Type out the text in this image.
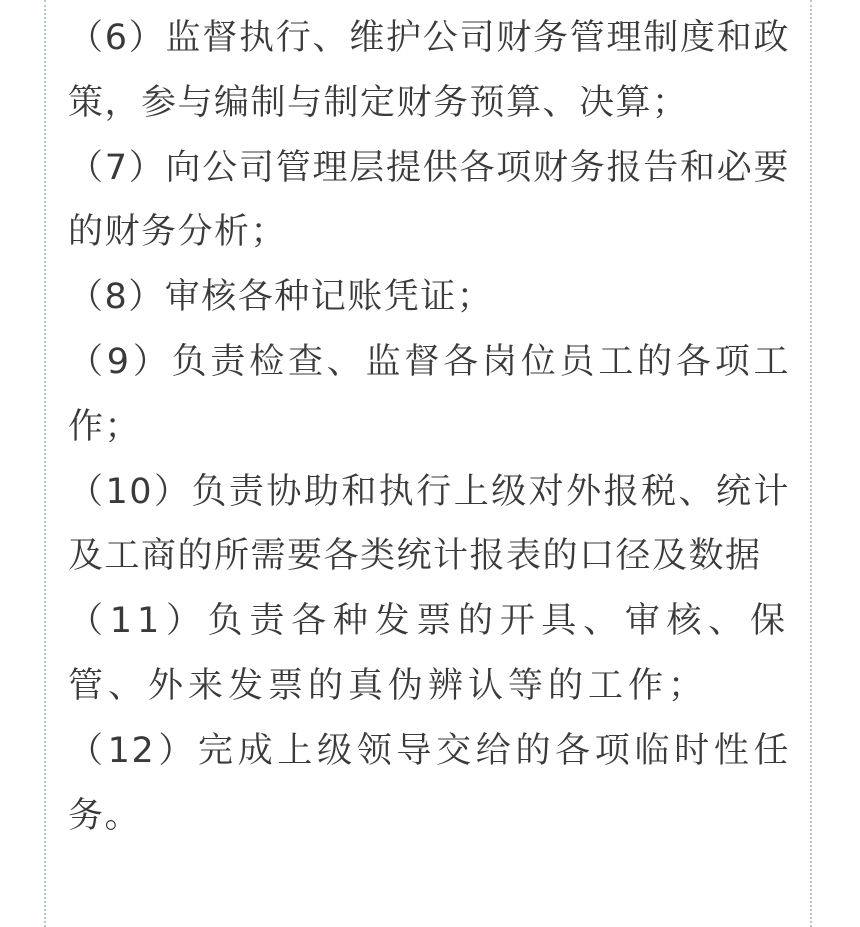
（6）监督执行、维护公司财务管理制度和政策，参与编制与制定财务预算、决算；

（7）向公司管理层提供各项财务报告和必要的财务分析；

（8）审核各种记账凭证；

（9）负责检查、监督各岗位员工的各项工作；

（10）负责协助和执行上级对外报税、统计及工商的所需要各类统计报表的口径及数据

（11）负责各种发票的开具、审核、保管、外来发票的真伪辨认等的工作；

（12）完成上级领导交给的各项临时性任务。
